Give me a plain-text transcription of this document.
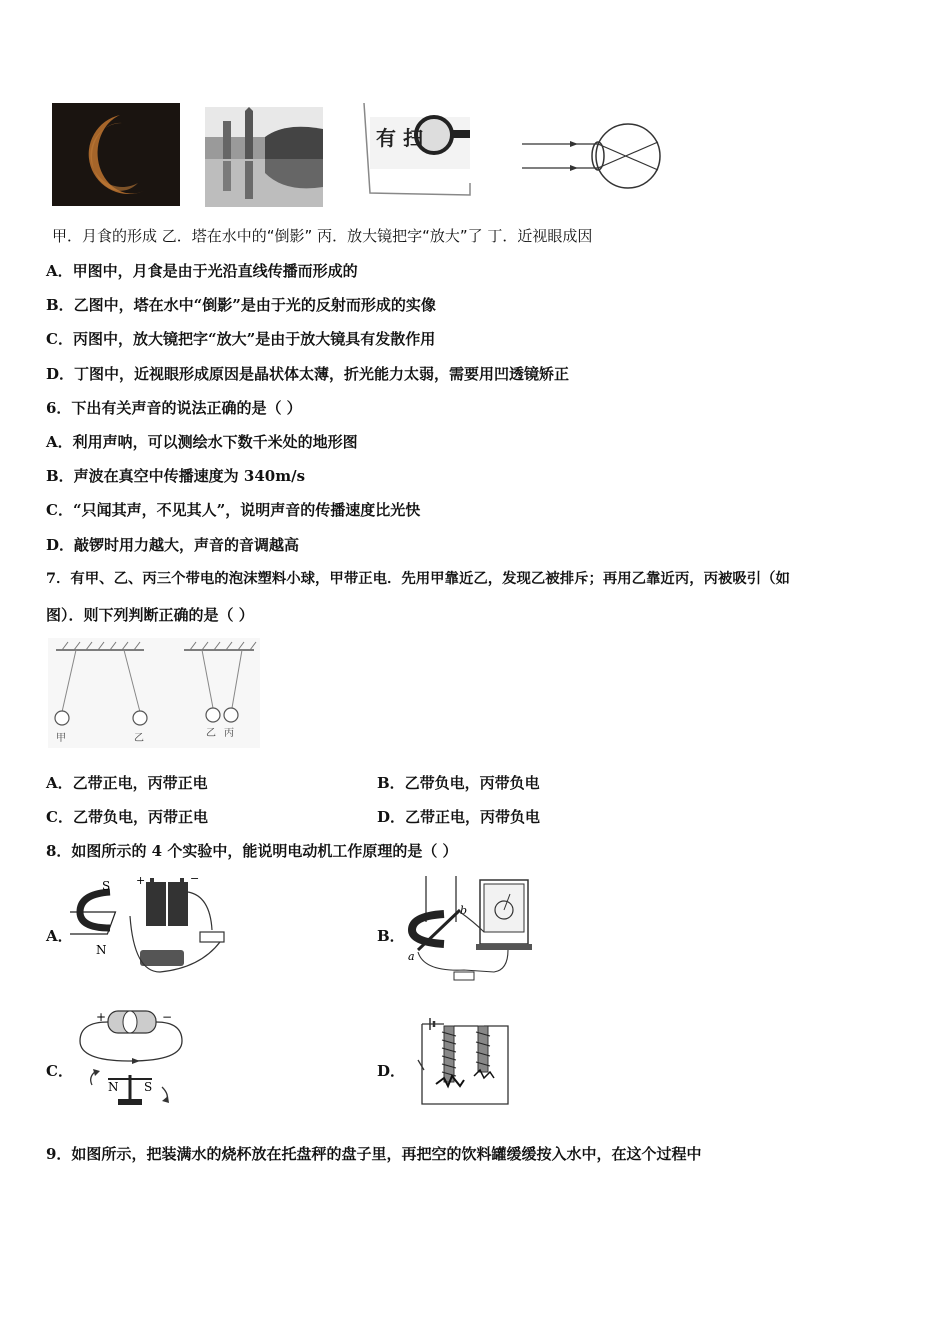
有 扫
甲．月食的形成 乙．塔在水中的“倒影” 丙．放大镜把字“放大”了 丁．近视眼成因
A．甲图中，月食是由于光沿直线传播而形成的
B．乙图中，塔在水中“倒影”是由于光的反射而形成的实像
C．丙图中，放大镜把字“放大”是由于放大镜具有发散作用
D．丁图中，近视眼形成原因是晶状体太薄，折光能力太弱，需要用凹透镜矫正
6．下出有关声音的说法正确的是（ ）
A．利用声呐，可以测绘水下数千米处的地形图
B．声波在真空中传播速度为 340m/s
C．“只闻其声，不见其人”，说明声音的传播速度比光快
D．敲锣时用力越大，声音的音调越高
7．有甲、乙、丙三个带电的泡沫塑料小球，甲带正电．先用甲靠近乙，发现乙被排斥；再用乙靠近丙，丙被吸引（如
图）．则下列判断正确的是（ ）
甲	乙	乙 丙
A．乙带正电，丙带正电	B．乙带负电，丙带负电
C．乙带负电，丙带正电	D．乙带正电，丙带负电
8．如图所示的 4 个实验中，能说明电动机工作原理的是（ ）
A．
S
N
+	−
B．
a
b
C．
+	−
N S
D．
9．如图所示，把装满水的烧杯放在托盘秤的盘子里，再把空的饮料罐缓缓按入水中，在这个过程中
